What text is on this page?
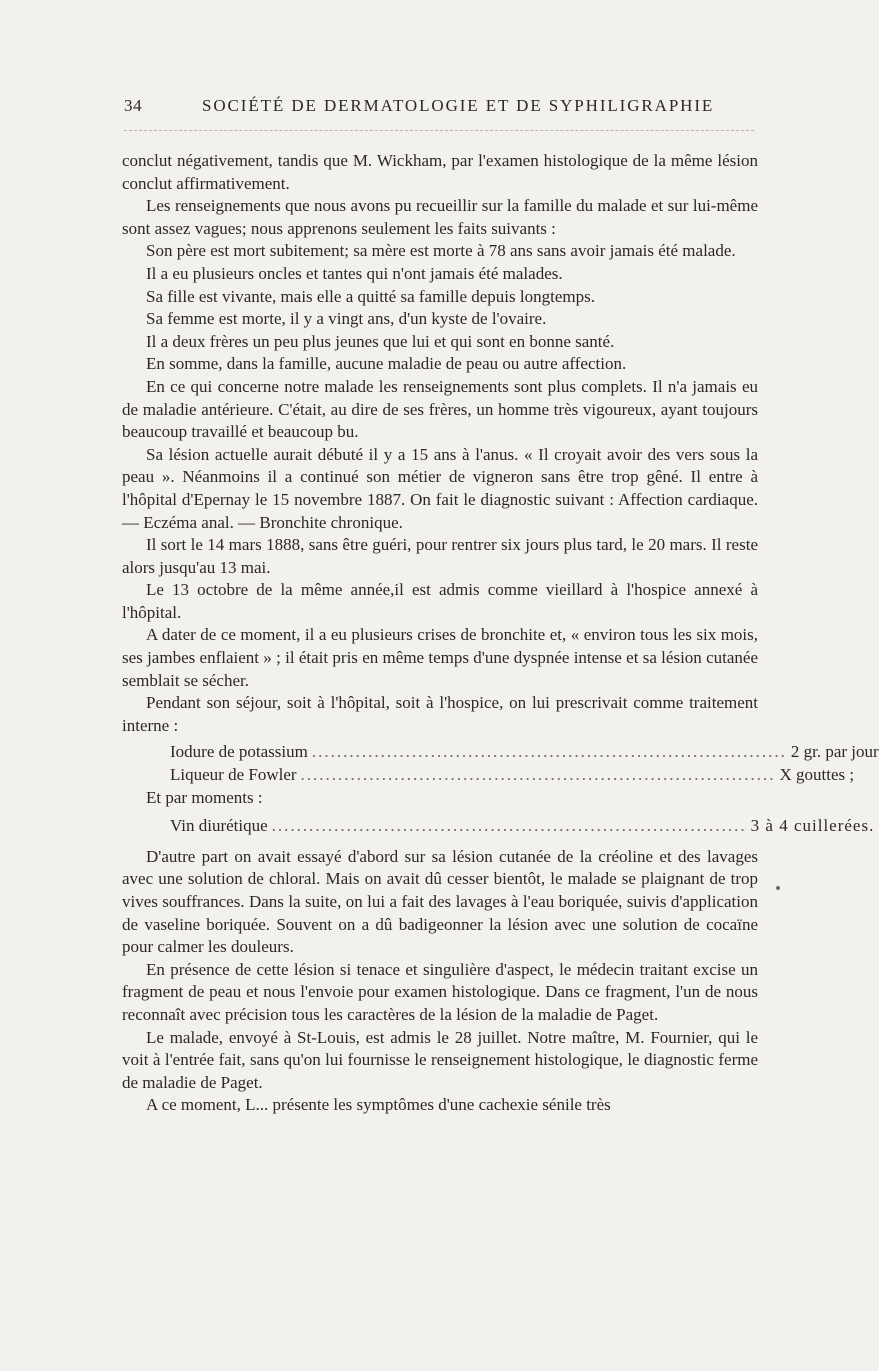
34	SOCIÉTÉ DE DERMATOLOGIE ET DE SYPHILIGRAPHIE

conclut négativement, tandis que M. Wickham, par l'examen histologique de la même lésion conclut affirmativement.

Les renseignements que nous avons pu recueillir sur la famille du malade et sur lui-même sont assez vagues; nous apprenons seulement les faits suivants :

Son père est mort subitement; sa mère est morte à 78 ans sans avoir jamais été malade.

Il a eu plusieurs oncles et tantes qui n'ont jamais été malades.

Sa fille est vivante, mais elle a quitté sa famille depuis longtemps.

Sa femme est morte, il y a vingt ans, d'un kyste de l'ovaire.

Il a deux frères un peu plus jeunes que lui et qui sont en bonne santé.

En somme, dans la famille, aucune maladie de peau ou autre affection.

En ce qui concerne notre malade les renseignements sont plus complets. Il n'a jamais eu de maladie antérieure. C'était, au dire de ses frères, un homme très vigoureux, ayant toujours beaucoup travaillé et beaucoup bu.

Sa lésion actuelle aurait débuté il y a 15 ans à l'anus. « Il croyait avoir des vers sous la peau ». Néanmoins il a continué son métier de vigneron sans être trop gêné. Il entre à l'hôpital d'Epernay le 15 novembre 1887. On fait le diagnostic suivant : Affection cardiaque. — Eczéma anal. — Bronchite chronique.

Il sort le 14 mars 1888, sans être guéri, pour rentrer six jours plus tard, le 20 mars. Il reste alors jusqu'au 13 mai.

Le 13 octobre de la même année,il est admis comme vieillard à l'hospice annexé à l'hôpital.

A dater de ce moment, il a eu plusieurs crises de bronchite et, « environ tous les six mois, ses jambes enflaient » ; il était pris en même temps d'une dyspnée intense et sa lésion cutanée semblait se sécher.

Pendant son séjour, soit à l'hôpital, soit à l'hospice, on lui prescrivait comme traitement interne :

Iodure de potassium ............................................................................ 2 gr. par jour
Liqueur de Fowler ............................................................................ X gouttes ;

Et par moments :

Vin diurétique ............................................................................ 3 à 4 cuillerées.

D'autre part on avait essayé d'abord sur sa lésion cutanée de la créoline et des lavages avec une solution de chloral. Mais on avait dû cesser bientôt, le malade se plaignant de trop vives souffrances. Dans la suite, on lui a fait des lavages à l'eau boriquée, suivis d'application de vaseline boriquée. Souvent on a dû badigeonner la lésion avec une solution de cocaïne pour calmer les douleurs.

En présence de cette lésion si tenace et singulière d'aspect, le médecin traitant excise un fragment de peau et nous l'envoie pour examen histologique. Dans ce fragment, l'un de nous reconnaît avec précision tous les caractères de la lésion de la maladie de Paget.

Le malade, envoyé à St-Louis, est admis le 28 juillet. Notre maître, M. Fournier, qui le voit à l'entrée fait, sans qu'on lui fournisse le renseignement histologique, le diagnostic ferme de maladie de Paget.

A ce moment, L... présente les symptômes d'une cachexie sénile très
